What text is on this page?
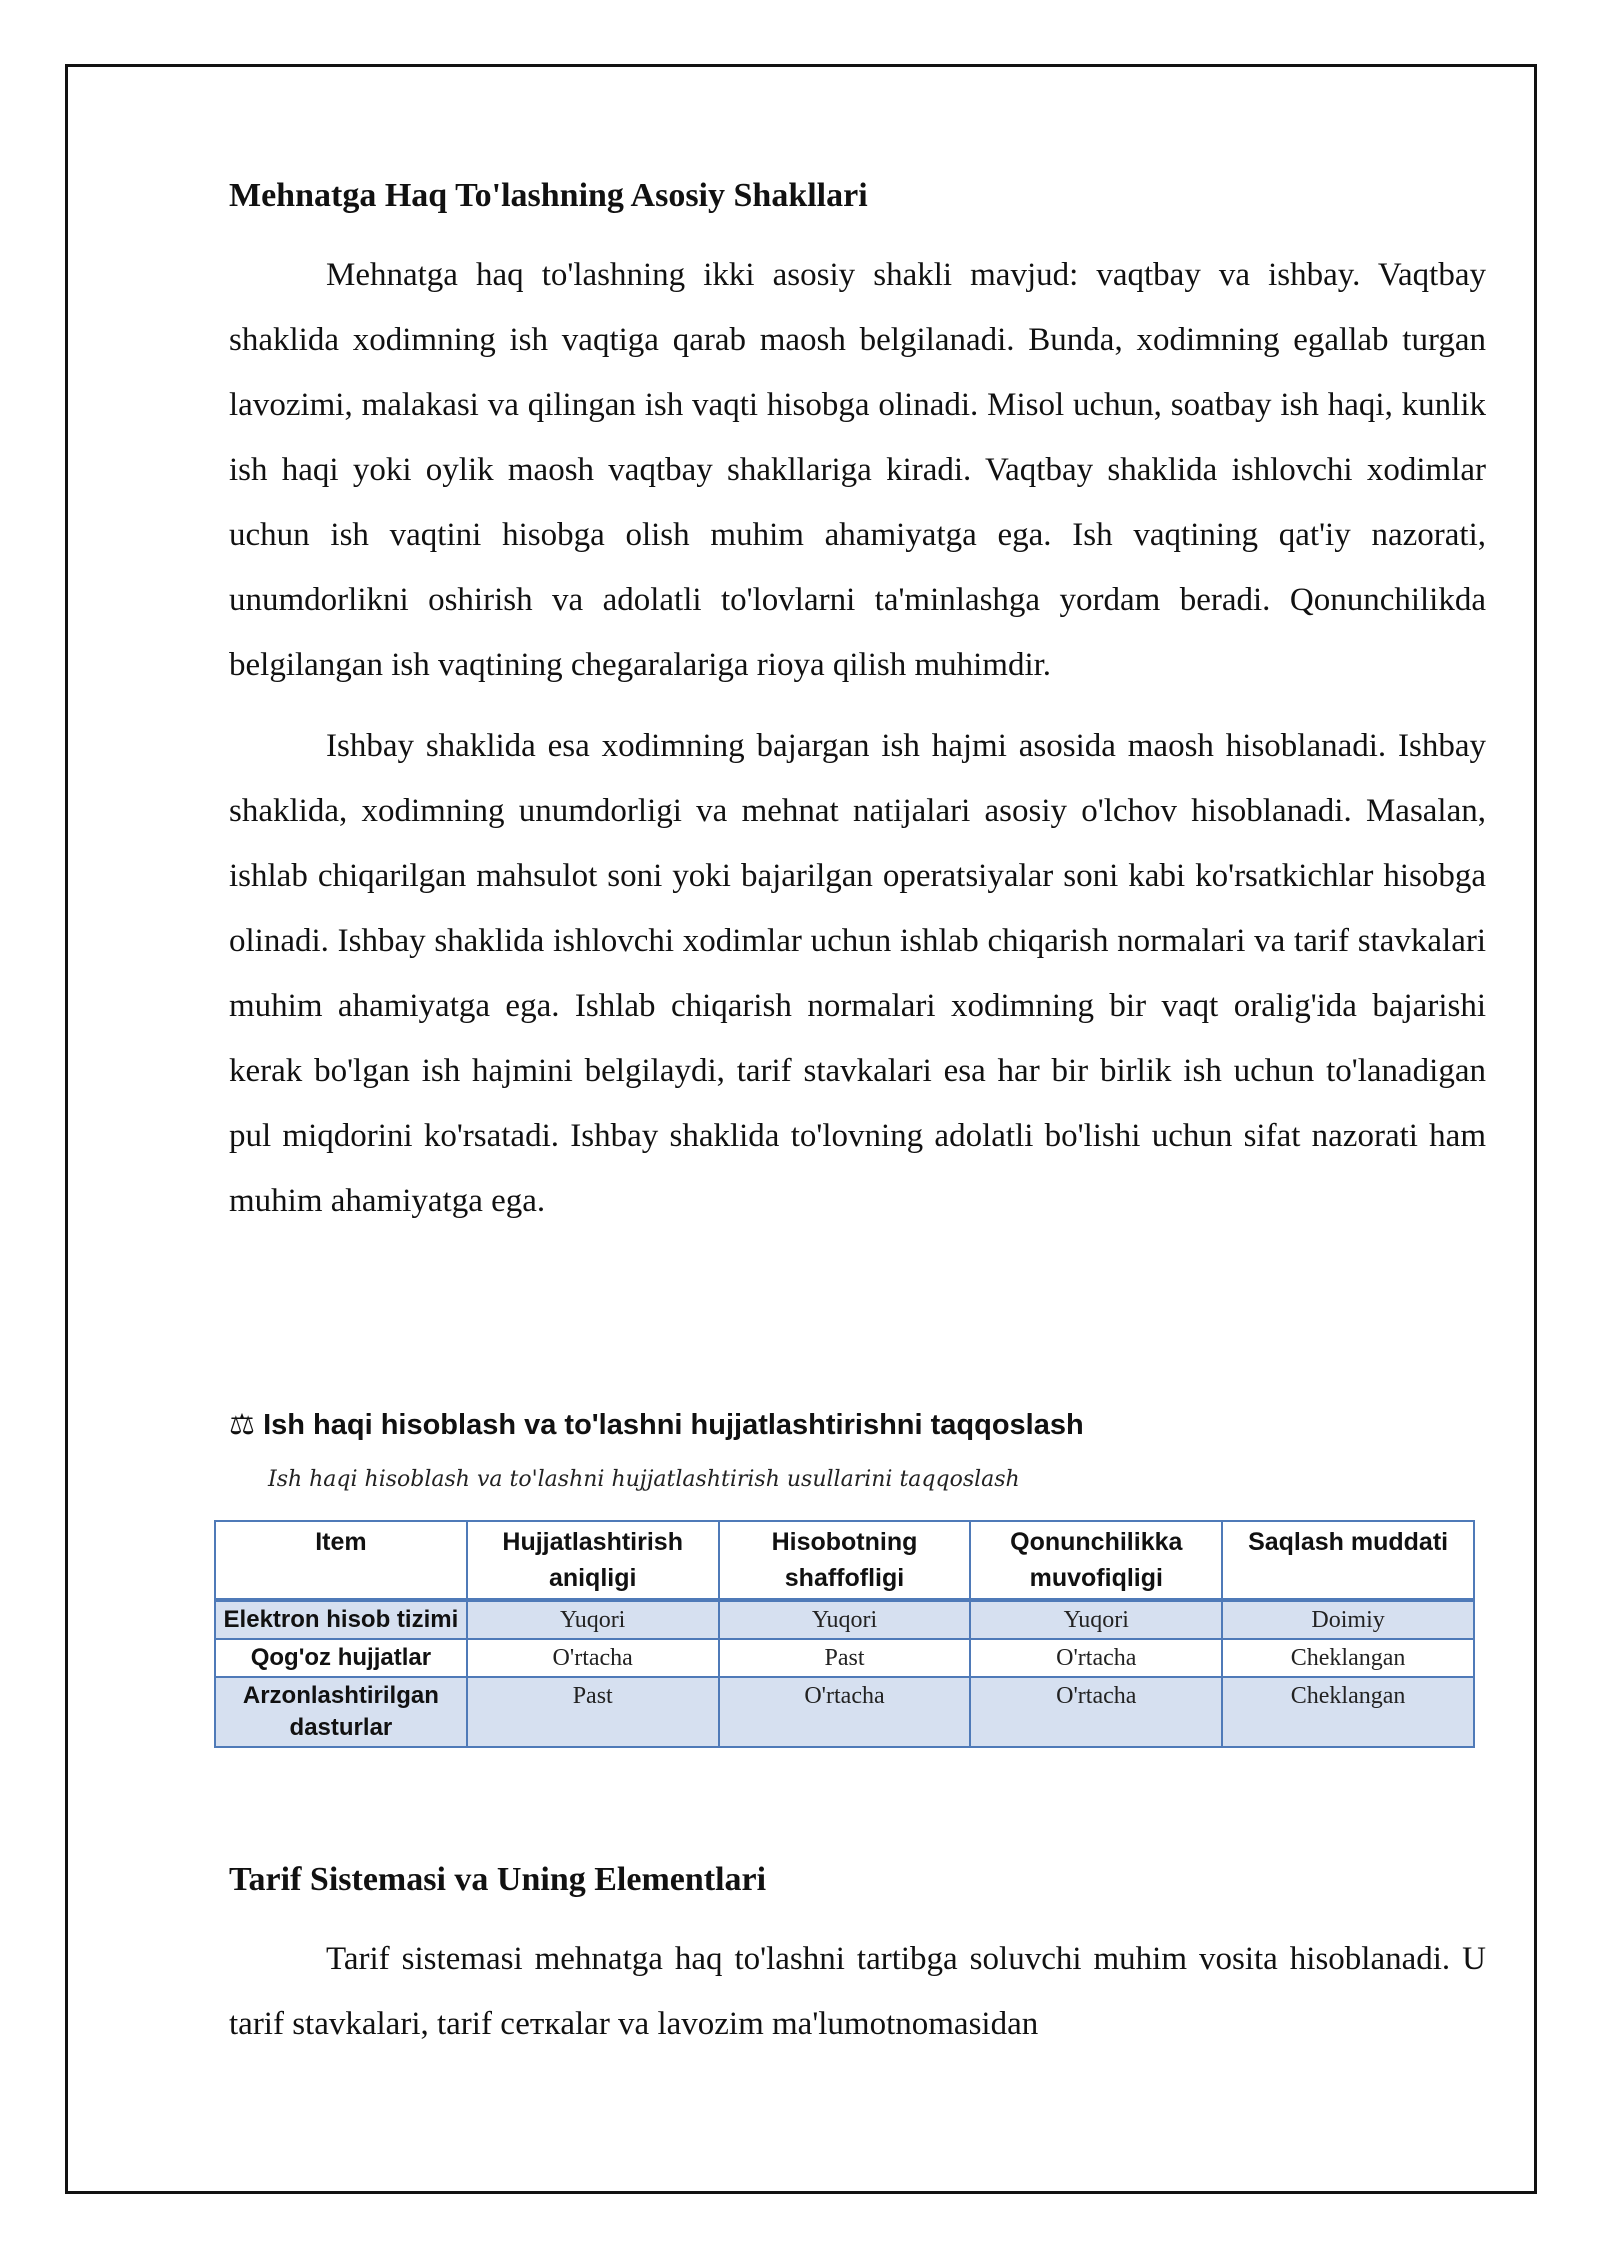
Mehnatga Haq To'lashning Asosiy Shakllari

Mehnatga haq to'lashning ikki asosiy shakli mavjud: vaqtbay va ishbay. Vaqtbay shaklida xodimning ish vaqtiga qarab maosh belgilanadi. Bunda, xodimning egallab turgan lavozimi, malakasi va qilingan ish vaqti hisobga olinadi. Misol uchun, soatbay ish haqi, kunlik ish haqi yoki oylik maosh vaqtbay shakllariga kiradi. Vaqtbay shaklida ishlovchi xodimlar uchun ish vaqtini hisobga olish muhim ahamiyatga ega. Ish vaqtining qat'iy nazorati, unumdorlikni oshirish va adolatli to'lovlarni ta'minlashga yordam beradi. Qonunchilikda belgilangan ish vaqtining chegaralariga rioya qilish muhimdir.

Ishbay shaklida esa xodimning bajargan ish hajmi asosida maosh hisoblanadi. Ishbay shaklida, xodimning unumdorligi va mehnat natijalari asosiy o'lchov hisoblanadi. Masalan, ishlab chiqarilgan mahsulot soni yoki bajarilgan operatsiyalar soni kabi ko'rsatkichlar hisobga olinadi. Ishbay shaklida ishlovchi xodimlar uchun ishlab chiqarish normalari va tarif stavkalari muhim ahamiyatga ega. Ishlab chiqarish normalari xodimning bir vaqt oralig'ida bajarishi kerak bo'lgan ish hajmini belgilaydi, tarif stavkalari esa har bir birlik ish uchun to'lanadigan pul miqdorini ko'rsatadi. Ishbay shaklida to'lovning adolatli bo'lishi uchun sifat nazorati ham muhim ahamiyatga ega.

⚖ Ish haqi hisoblash va to'lashni hujjatlashtirishni taqqoslash

Ish haqi hisoblash va to'lashni hujjatlashtirish usullarini taqqoslash

Item	Hujjatlashtirish aniqligi	Hisobotning shaffofligi	Qonunchilikka muvofiqligi	Saqlash muddati
Elektron hisob tizimi	Yuqori	Yuqori	Yuqori	Doimiy
Qog'oz hujjatlar	O'rtacha	Past	O'rtacha	Cheklangan
Arzonlashtirilgan dasturlar	Past	O'rtacha	O'rtacha	Cheklangan
Tarif Sistemasi va Uning Elementlari

Tarif sistemasi mehnatga haq to'lashni tartibga soluvchi muhim vosita hisoblanadi. U tarif stavkalari, tarif сеткalar va lavozim ma'lumotnomasidan
